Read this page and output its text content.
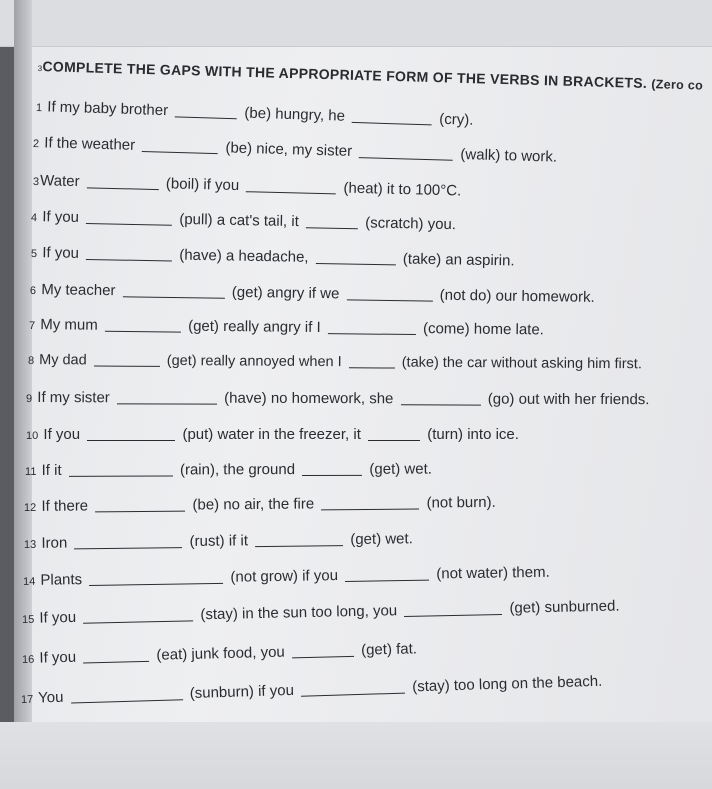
3COMPLETE THE GAPS WITH THE APPROPRIATE FORM OF THE VERBS IN BRACKETS. (Zero co
1 If my baby brother	(be) hungry, he	(cry).
2 If the weather	(be) nice, my sister	(walk) to work.
3Water	(boil) if you	(heat) it to 100°C.
4 If you	(pull) a cat's tail, it	(scratch) you.
5 If you	(have) a headache,	(take) an aspirin.
6 My teacher	(get) angry if we	(not do) our homework.
7 My mum	(get) really angry if I	(come) home late.
8 My dad	(get) really annoyed when I	(take) the car without asking him first.
9 If my sister	(have) no homework, she	(go) out with her friends.
10 If you	(put) water in the freezer, it	(turn) into ice.
11 If it	(rain), the ground	(get) wet.
12 If there	(be) no air, the fire	(not burn).
13 Iron	(rust) if it	(get) wet.
14 Plants	(not grow) if you	(not water) them.
15 If you	(stay) in the sun too long, you	(get) sunburned.
16 If you	(eat) junk food, you	(get) fat.
17 You	(sunburn) if you	(stay) too long on the beach.
